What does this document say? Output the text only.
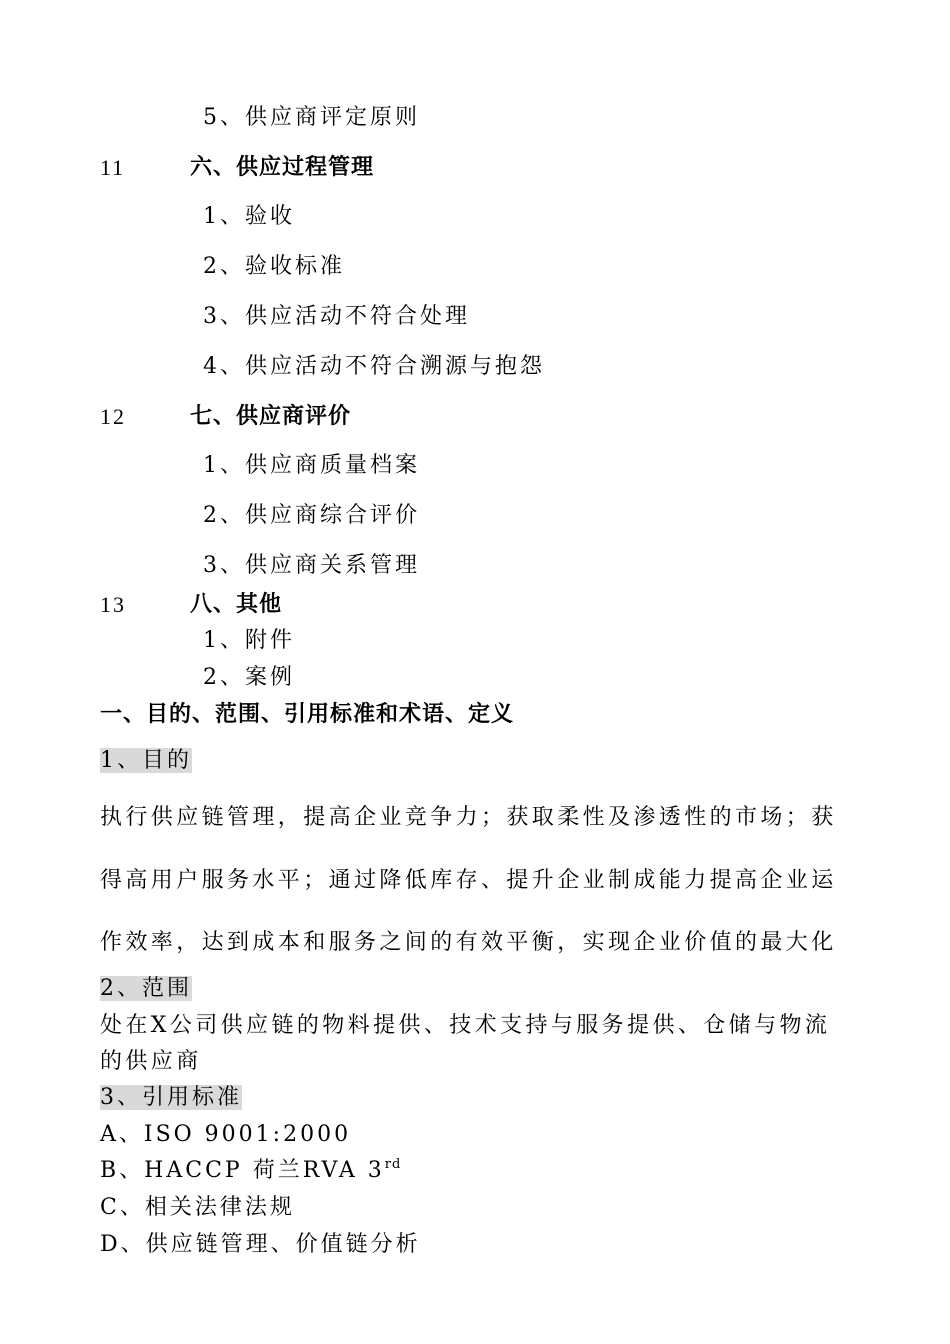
5、供应商评定原则
11	六、供应过程管理
1、验收
2、验收标准
3、供应活动不符合处理
4、供应活动不符合溯源与抱怨
12	七、供应商评价
1、供应商质量档案
2、供应商综合评价
3、供应商关系管理
13	八、其他
1、附件
2、案例
一、目的、范围、引用标准和术语、定义
1、目的
执行供应链管理，提高企业竞争力；获取柔性及渗透性的市场；获
得高用户服务水平；通过降低库存、提升企业制成能力提高企业运
作效率，达到成本和服务之间的有效平衡，实现企业价值的最大化
2、范围
处在X公司供应链的物料提供、技术支持与服务提供、仓储与物流
的供应商
3、引用标准
A、ISO 9001:2000
B、HACCP 荷兰RVA 3rd
C、相关法律法规
D、供应链管理、价值链分析
